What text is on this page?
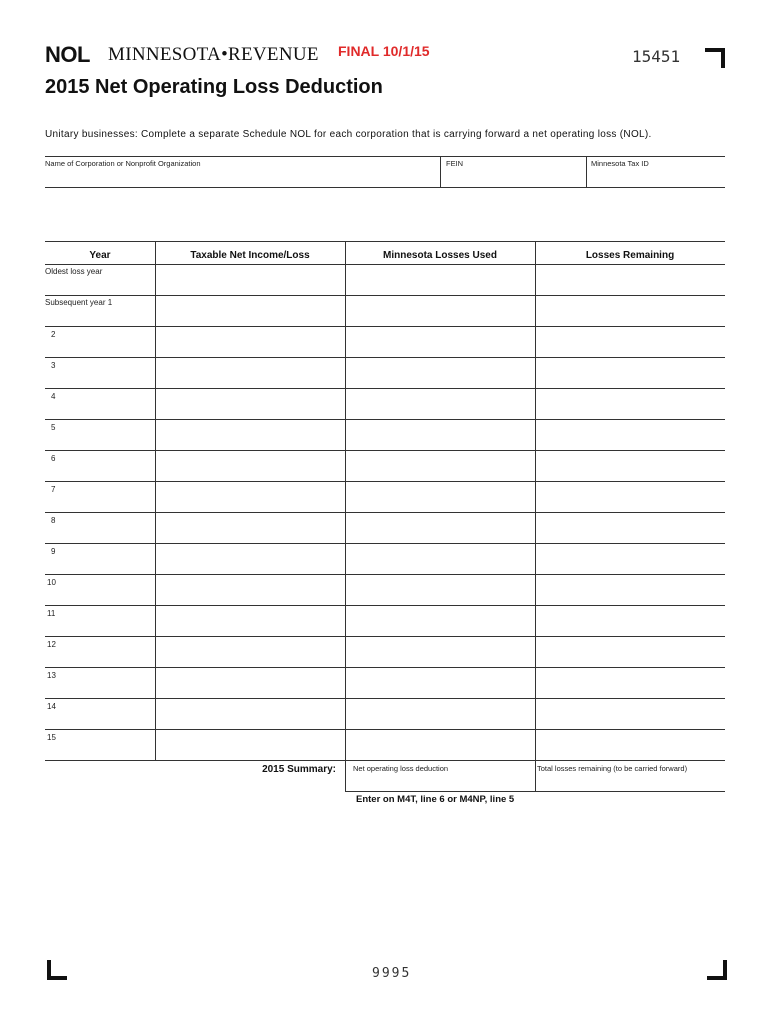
NOL MINNESOTA•REVENUE FINAL 10/1/15	15451
2015 Net Operating Loss Deduction
Unitary businesses: Complete a separate Schedule NOL for each corporation that is carrying forward a net operating loss (NOL).
Name of Corporation or Nonprofit Organization	FEIN	Minnesota Tax ID
Year	Taxable Net Income/Loss	Minnesota Losses Used	Losses Remaining
Oldest loss year
Subsequent year 1
2
3
4
5
6
7
8
9
10
11
12
13
14
15
2015 Summary: Net operating loss deduction	Total losses remaining (to be carried forward)
Enter on M4T, line 6 or M4NP, line 5
9995
